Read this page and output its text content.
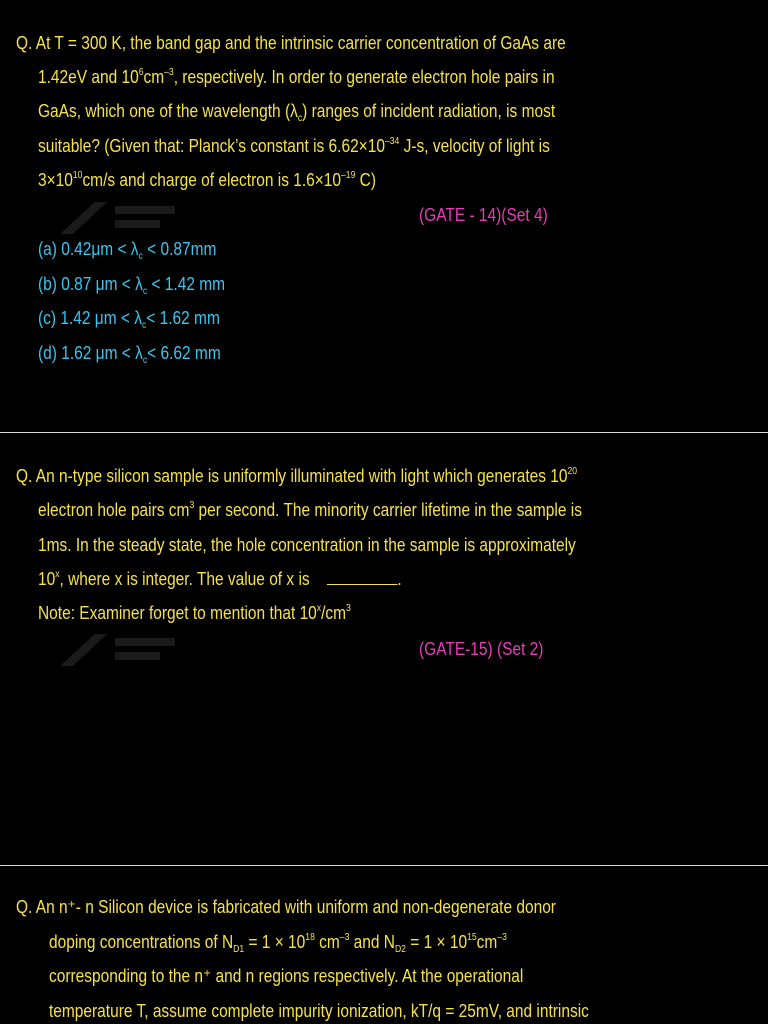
Q. At T = 300 K, the band gap and the intrinsic carrier concentration of GaAs are
1.42eV and $10^6cm^{-3}$, respectively. In order to generate electron hole pairs in
GaAs, which one of the wavelength $(\lambda_c)$ ranges of incident radiation, is most
suitable? (Given that: Planck’s constant is $6.62\times 10^{-34}$ J-s, velocity of light is
$3\times 10^{10}cm/s$ and charge of electron is $1.6\times 10^{-19}$ C)
(GATE - 14)(Set 4)
(a) $0.42\mu m < \lambda_c < 0.87mm$
(b) 0.87 $\mu m < \lambda_c < 1.42$ mm
(c) 1.42 $\mu m < \lambda_c< 1.62$ mm
(d) 1.62 $\mu m < \lambda_c< 6.62$ mm
Q. An n-type silicon sample is uniformly illuminated with light which generates $10^{20}$
electron hole pairs $cm^3$ per second. The minority carrier lifetime in the sample is
1ms. In the steady state, the hole concentration in the sample is approximately
10$^x$, where x is integer. The value of x is	.
Note: Examiner forget to mention that $10^x/cm^3$
(GATE-15) (Set 2)
Q. An n⁺- n Silicon device is fabricated with uniform and non-degenerate donor
doping concentrations of $N_{D1} = 1 \times 10^{18}$ $cm^{-3}$ and $N_{D2} = 1 \times 10^{15}cm^{-3}$
corresponding to the n⁺ and n regions respectively. At the operational
temperature T, assume complete impurity ionization, kT/q = 25mV, and intrinsic
